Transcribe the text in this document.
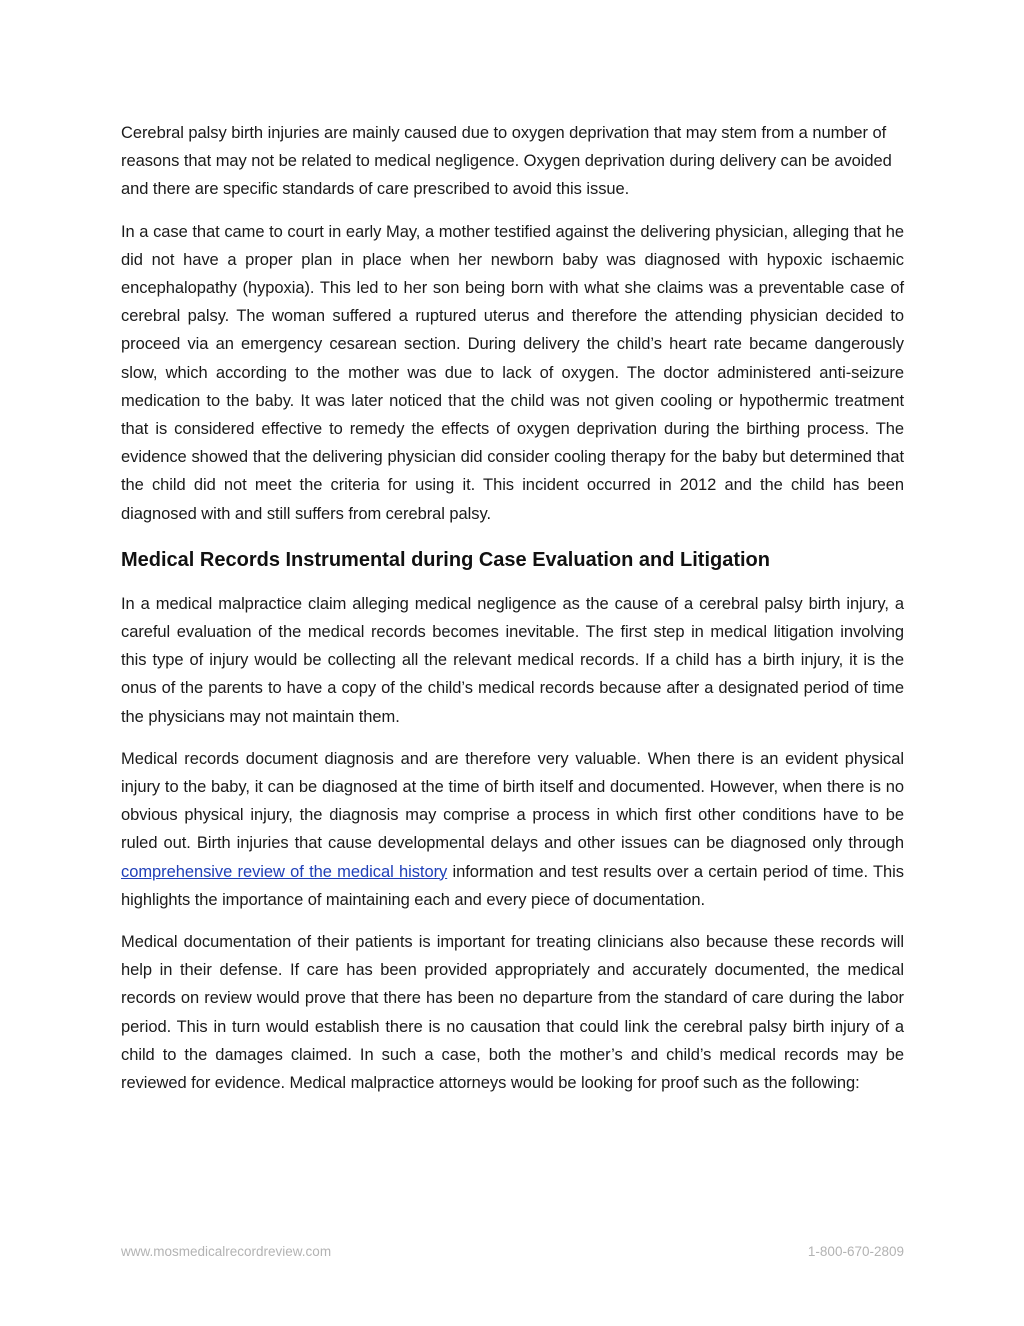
Cerebral palsy birth injuries are mainly caused due to oxygen deprivation that may stem from a number of reasons that may not be related to medical negligence. Oxygen deprivation during delivery can be avoided and there are specific standards of care prescribed to avoid this issue.

In a case that came to court in early May, a mother testified against the delivering physician, alleging that he did not have a proper plan in place when her newborn baby was diagnosed with hypoxic ischaemic encephalopathy (hypoxia). This led to her son being born with what she claims was a preventable case of cerebral palsy. The woman suffered a ruptured uterus and therefore the attending physician decided to proceed via an emergency cesarean section. During delivery the child’s heart rate became dangerously slow, which according to the mother was due to lack of oxygen. The doctor administered anti-seizure medication to the baby. It was later noticed that the child was not given cooling or hypothermic treatment that is considered effective to remedy the effects of oxygen deprivation during the birthing process. The evidence showed that the delivering physician did consider cooling therapy for the baby but determined that the child did not meet the criteria for using it. This incident occurred in 2012 and the child has been diagnosed with and still suffers from cerebral palsy.

Medical Records Instrumental during Case Evaluation and Litigation

In a medical malpractice claim alleging medical negligence as the cause of a cerebral palsy birth injury, a careful evaluation of the medical records becomes inevitable. The first step in medical litigation involving this type of injury would be collecting all the relevant medical records. If a child has a birth injury, it is the onus of the parents to have a copy of the child’s medical records because after a designated period of time the physicians may not maintain them.

Medical records document diagnosis and are therefore very valuable. When there is an evident physical injury to the baby, it can be diagnosed at the time of birth itself and documented. However, when there is no obvious physical injury, the diagnosis may comprise a process in which first other conditions have to be ruled out. Birth injuries that cause developmental delays and other issues can be diagnosed only through comprehensive review of the medical history information and test results over a certain period of time. This highlights the importance of maintaining each and every piece of documentation.

Medical documentation of their patients is important for treating clinicians also because these records will help in their defense. If care has been provided appropriately and accurately documented, the medical records on review would prove that there has been no departure from the standard of care during the labor period. This in turn would establish there is no causation that could link the cerebral palsy birth injury of a child to the damages claimed. In such a case, both the mother’s and child’s medical records may be reviewed for evidence. Medical malpractice attorneys would be looking for proof such as the following:

www.mosmedicalrecordreview.com	1-800-670-2809
